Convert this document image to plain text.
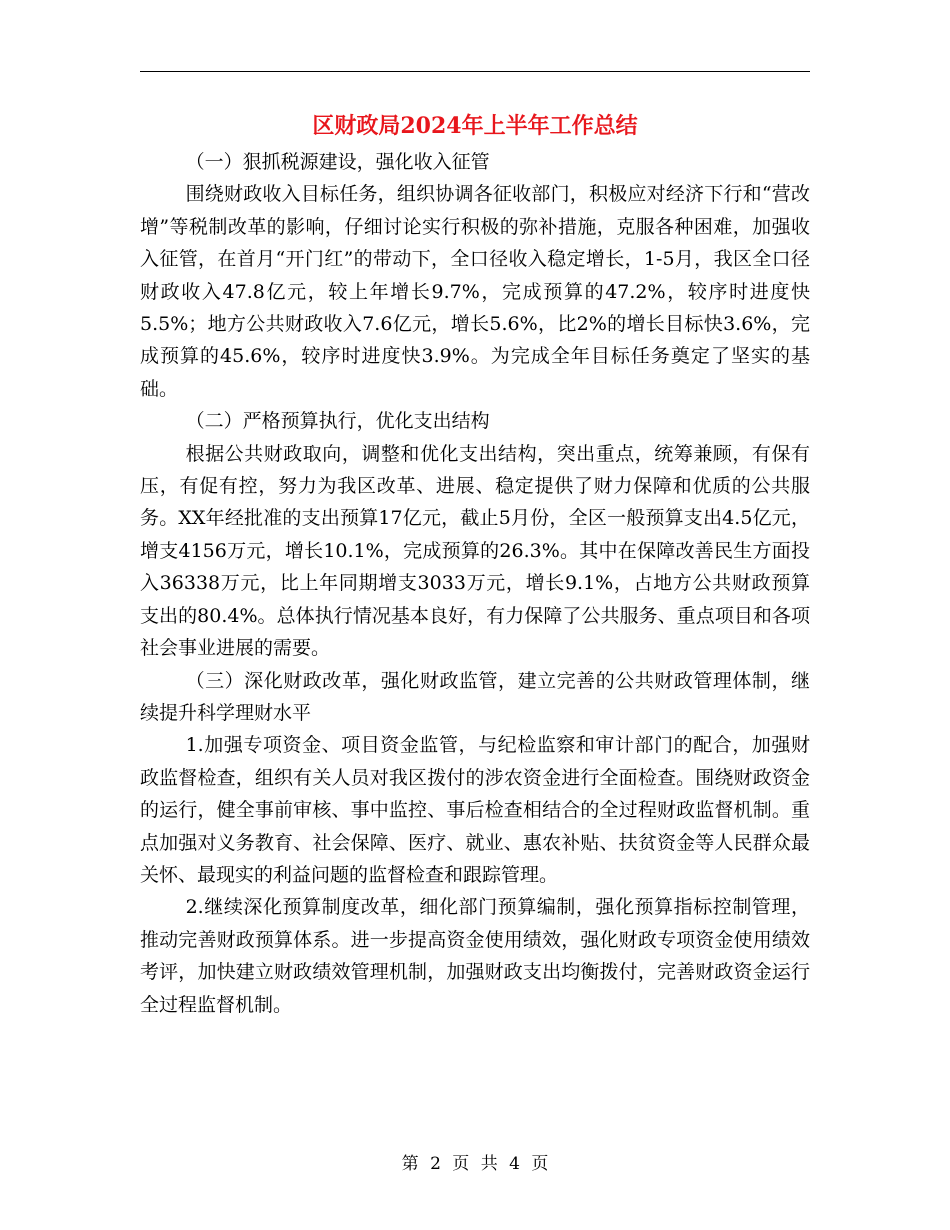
区财政局2024年上半年工作总结

（一）狠抓税源建设，强化收入征管

围绕财政收入目标任务，组织协调各征收部门，积极应对经济下行和“营改增”等税制改革的影响，仔细讨论实行积极的弥补措施，克服各种困难，加强收入征管，在首月“开门红”的带动下，全口径收入稳定增长，1-5月，我区全口径财政收入47.8亿元，较上年增长9.7%，完成预算的47.2%，较序时进度快5.5%；地方公共财政收入7.6亿元，增长5.6%，比2%的增长目标快3.6%，完成预算的45.6%，较序时进度快3.9%。为完成全年目标任务奠定了坚实的基础。

（二）严格预算执行，优化支出结构

根据公共财政取向，调整和优化支出结构，突出重点，统筹兼顾，有保有压，有促有控，努力为我区改革、进展、稳定提供了财力保障和优质的公共服务。XX年经批准的支出预算17亿元，截止5月份，全区一般预算支出4.5亿元，增支4156万元，增长10.1%，完成预算的26.3%。其中在保障改善民生方面投入36338万元，比上年同期增支3033万元，增长9.1%，占地方公共财政预算支出的80.4%。总体执行情况基本良好，有力保障了公共服务、重点项目和各项社会事业进展的需要。

（三）深化财政改革，强化财政监管，建立完善的公共财政管理体制，继续提升科学理财水平

1.加强专项资金、项目资金监管，与纪检监察和审计部门的配合，加强财政监督检查，组织有关人员对我区拨付的涉农资金进行全面检查。围绕财政资金的运行，健全事前审核、事中监控、事后检查相结合的全过程财政监督机制。重点加强对义务教育、社会保障、医疗、就业、惠农补贴、扶贫资金等人民群众最关怀、最现实的利益问题的监督检查和跟踪管理。

2.继续深化预算制度改革，细化部门预算编制，强化预算指标控制管理，推动完善财政预算体系。进一步提高资金使用绩效，强化财政专项资金使用绩效考评，加快建立财政绩效管理机制，加强财政支出均衡拨付，完善财政资金运行全过程监督机制。

第 2 页 共 4 页
